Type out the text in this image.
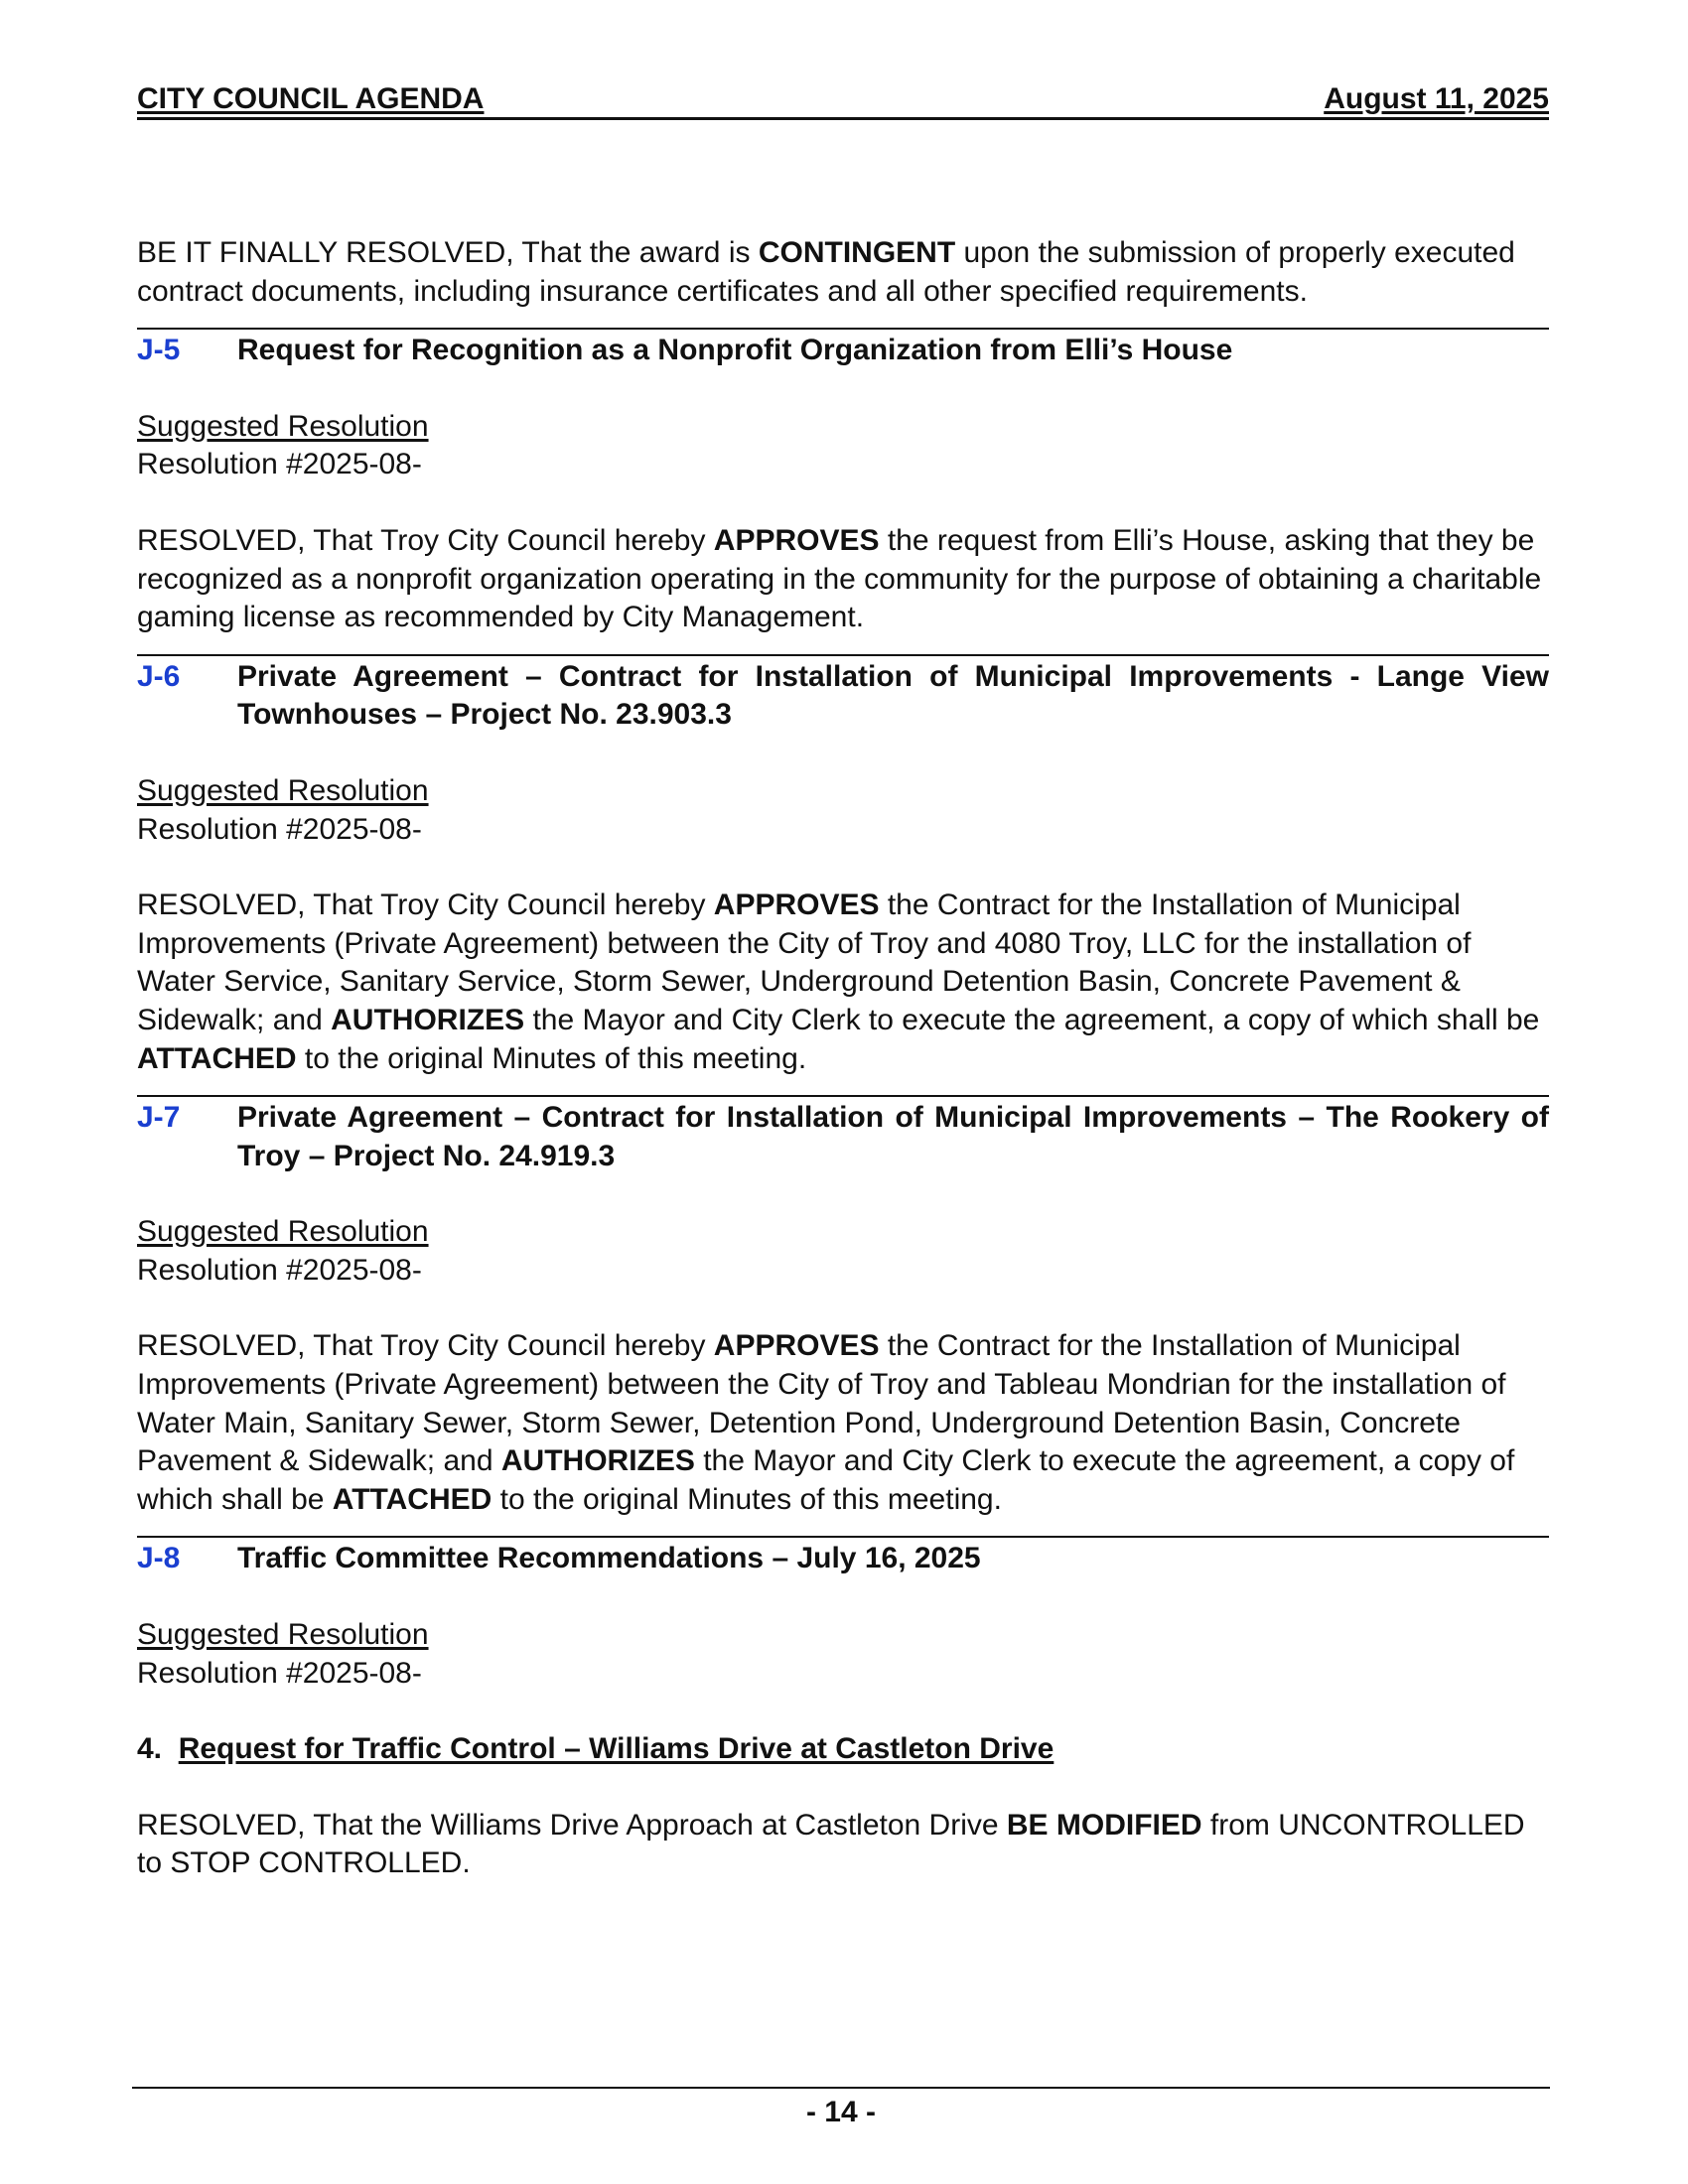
CITY COUNCIL AGENDA	August 11, 2025

BE IT FINALLY RESOLVED, That the award is CONTINGENT upon the submission of properly executed contract documents, including insurance certificates and all other specified requirements.

J-5	Request for Recognition as a Nonprofit Organization from Elli’s House

Suggested Resolution

Resolution #2025-08-

RESOLVED, That Troy City Council hereby APPROVES the request from Elli’s House, asking that they be recognized as a nonprofit organization operating in the community for the purpose of obtaining a charitable gaming license as recommended by City Management.

J-6	Private Agreement – Contract for Installation of Municipal Improvements - Lange View Townhouses – Project No. 23.903.3

Suggested Resolution

Resolution #2025-08-

RESOLVED, That Troy City Council hereby APPROVES the Contract for the Installation of Municipal Improvements (Private Agreement) between the City of Troy and 4080 Troy, LLC for the installation of Water Service, Sanitary Service, Storm Sewer, Underground Detention Basin, Concrete Pavement & Sidewalk; and AUTHORIZES the Mayor and City Clerk to execute the agreement, a copy of which shall be ATTACHED to the original Minutes of this meeting.

J-7	Private Agreement – Contract for Installation of Municipal Improvements – The Rookery of Troy – Project No. 24.919.3

Suggested Resolution

Resolution #2025-08-

RESOLVED, That Troy City Council hereby APPROVES the Contract for the Installation of Municipal Improvements (Private Agreement) between the City of Troy and Tableau Mondrian for the installation of Water Main, Sanitary Sewer, Storm Sewer, Detention Pond, Underground Detention Basin, Concrete Pavement & Sidewalk; and AUTHORIZES the Mayor and City Clerk to execute the agreement, a copy of which shall be ATTACHED to the original Minutes of this meeting.

J-8	Traffic Committee Recommendations – July 16, 2025

Suggested Resolution

Resolution #2025-08-

4. Request for Traffic Control – Williams Drive at Castleton Drive

RESOLVED, That the Williams Drive Approach at Castleton Drive BE MODIFIED from UNCONTROLLED to STOP CONTROLLED.

- 14 -
